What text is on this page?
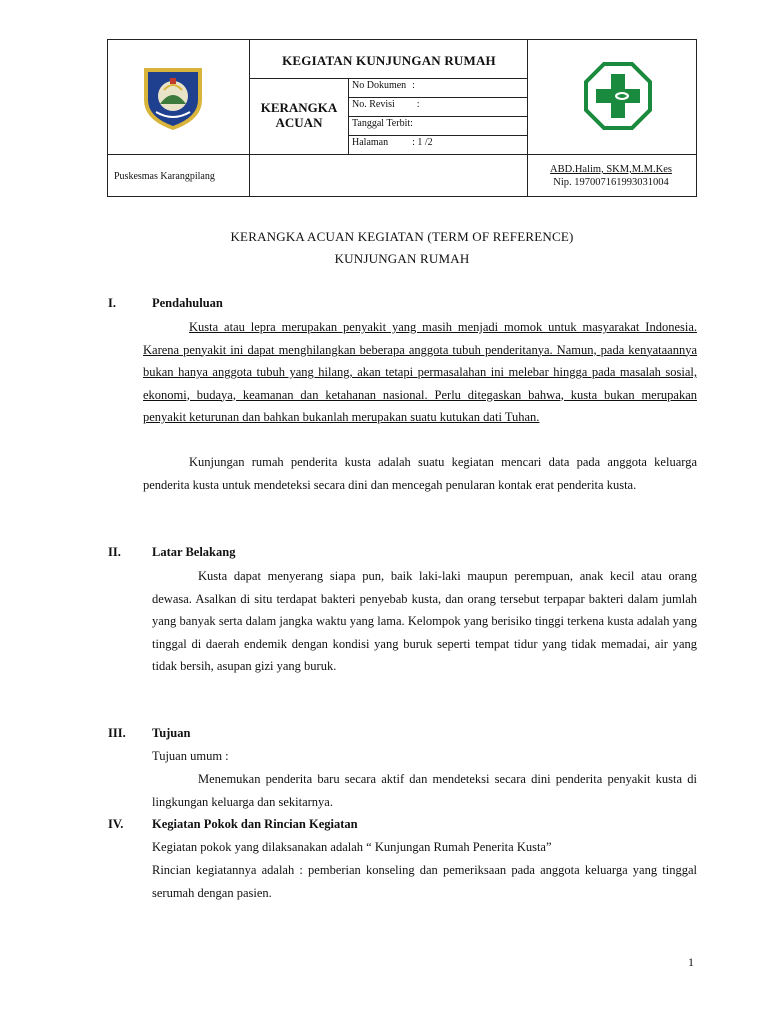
KEGIATAN KUNJUNGAN RUMAH
KERANGKA ACUAN
No Dokumen :
No. Revisi :
Tanggal Terbit:
Halaman : 1 /2
Puskesmas Karangpilang
ABD.Halim, SKM,M.M.Kes
Nip. 197007161993031004
KERANGKA ACUAN KEGIATAN (TERM OF REFERENCE)
KUNJUNGAN RUMAH
I.	Pendahuluan
Kusta atau lepra merupakan penyakit yang masih menjadi momok untuk masyarakat Indonesia. Karena penyakit ini dapat menghilangkan beberapa anggota tubuh penderitanya. Namun, pada kenyataannya bukan hanya anggota tubuh yang hilang, akan tetapi permasalahan ini melebar hingga pada masalah sosial, ekonomi, budaya, keamanan dan ketahanan nasional. Perlu ditegaskan bahwa, kusta bukan merupakan penyakit keturunan dan bahkan bukanlah merupakan suatu kutukan dati Tuhan.
Kunjungan rumah penderita kusta adalah suatu kegiatan mencari data pada anggota keluarga penderita kusta untuk mendeteksi secara dini dan mencegah penularan kontak erat penderita kusta.
II. Latar Belakang
Kusta dapat menyerang siapa pun, baik laki-laki maupun perempuan, anak kecil atau orang dewasa. Asalkan di situ terdapat bakteri penyebab kusta, dan orang tersebut terpapar bakteri dalam jumlah yang banyak serta dalam jangka waktu yang lama. Kelompok yang berisiko tinggi terkena kusta adalah yang tinggal di daerah endemik dengan kondisi yang buruk seperti tempat tidur yang tidak memadai, air yang tidak bersih, asupan gizi yang buruk.
III. Tujuan
Tujuan umum :
Menemukan penderita baru secara aktif dan mendeteksi secara dini penderita penyakit kusta di lingkungan keluarga dan sekitarnya.
IV. Kegiatan Pokok dan Rincian Kegiatan
Kegiatan pokok yang dilaksanakan adalah “ Kunjungan Rumah Penerita Kusta”
Rincian kegiatannya adalah : pemberian konseling dan pemeriksaan pada anggota keluarga yang tinggal serumah dengan pasien.
1
